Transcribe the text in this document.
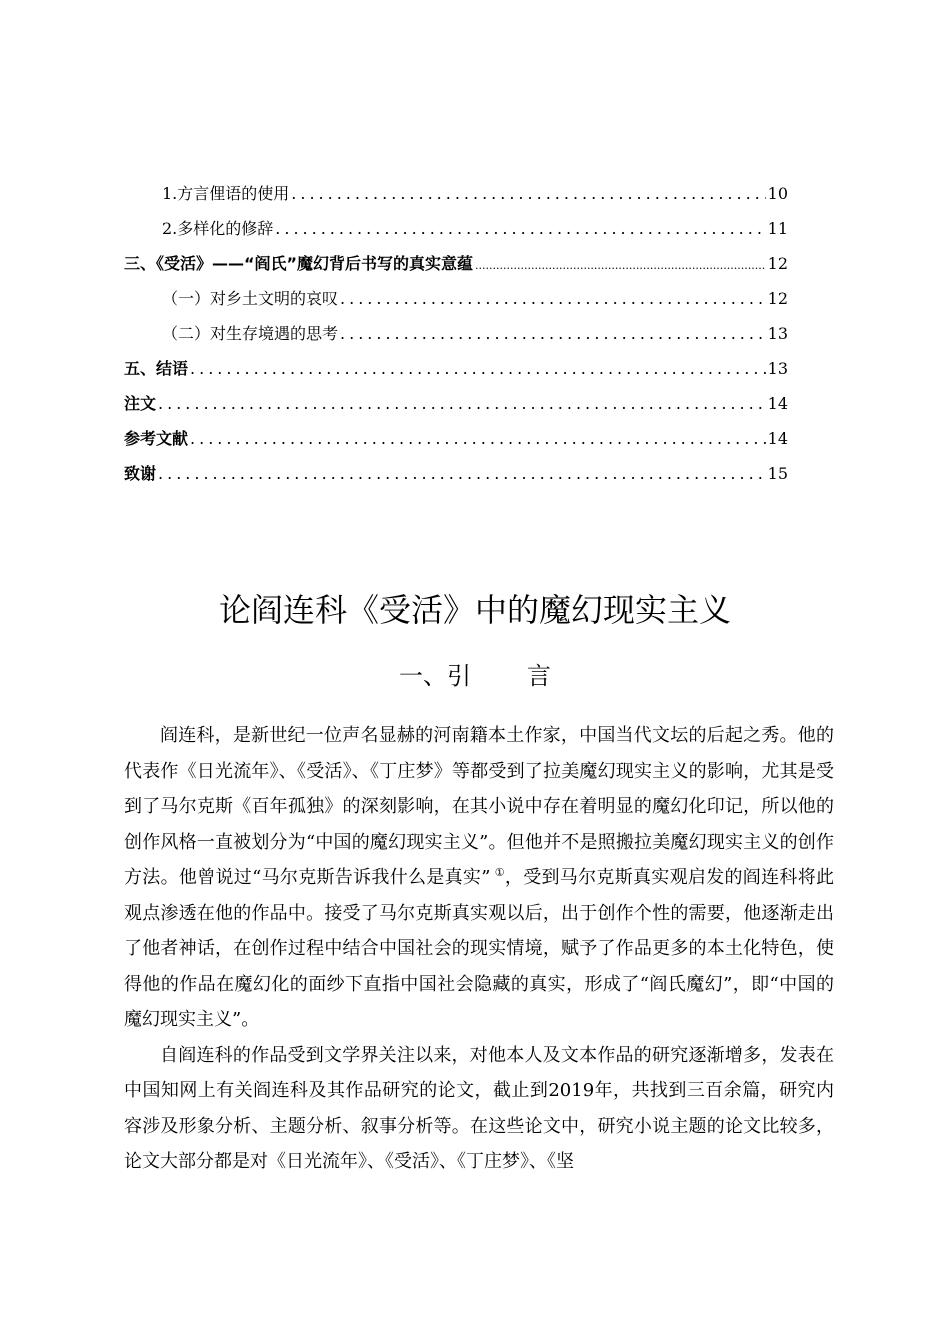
1.方言俚语的使用 .....	10
2.多样化的修辞 .....	11
三、《受活》——“阎氏”魔幻背后书写的真实意蕴 .....	12
（一）对乡土文明的哀叹 .....	12
（二）对生存境遇的思考 .....	13
五、结语 .....	13
注文 .....	14
参考文献 .....	14
致谢 .....	15
论阎连科《受活》中的魔幻现实主义
一、引 言

阎连科，是新世纪一位声名显赫的河南籍本土作家，中国当代文坛的后起之秀。他的代表作《日光流年》、《受活》、《丁庄梦》等都受到了拉美魔幻现实主义的影响，尤其是受到了马尔克斯《百年孤独》的深刻影响，在其小说中存在着明显的魔幻化印记，所以他的创作风格一直被划分为“中国的魔幻现实主义”。但他并不是照搬拉美魔幻现实主义的创作方法。他曾说过“马尔克斯告诉我什么是真实” ①，受到马尔克斯真实观启发的阎连科将此观点渗透在他的作品中。接受了马尔克斯真实观以后，出于创作个性的需要，他逐渐走出了他者神话，在创作过程中结合中国社会的现实情境，赋予了作品更多的本土化特色，使得他的作品在魔幻化的面纱下直指中国社会隐藏的真实，形成了“阎氏魔幻”，即“中国的魔幻现实主义”。

自阎连科的作品受到文学界关注以来，对他本人及文本作品的研究逐渐增多，发表在中国知网上有关阎连科及其作品研究的论文，截止到2019年，共找到三百余篇，研究内容涉及形象分析、主题分析、叙事分析等。在这些论文中，研究小说主题的论文比较多，论文大部分都是对《日光流年》、《受活》、《丁庄梦》、《坚
